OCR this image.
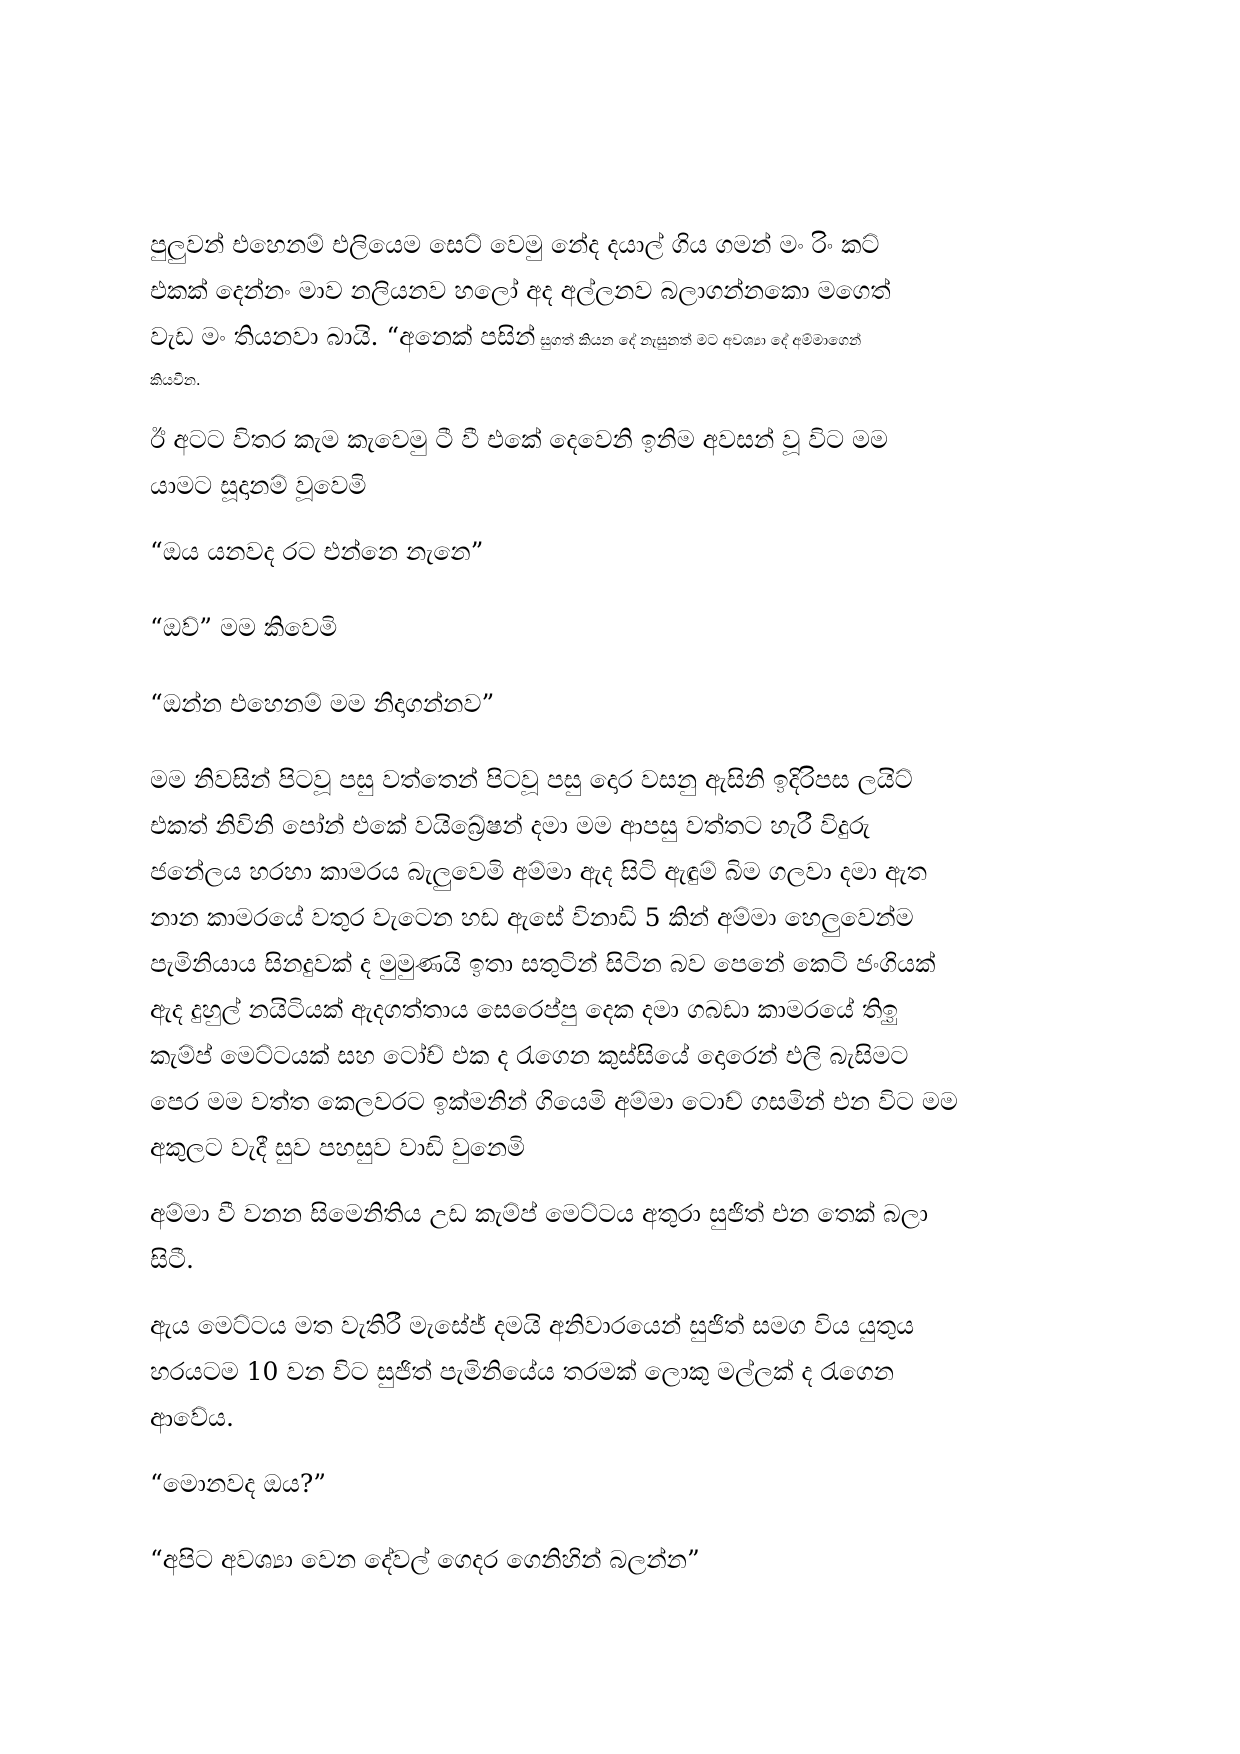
පුලුවන් එහෙනම් එලියෙම සෙට් වෙමු නේද දයාල් ගිය ගමන් මං රිං කට්
එකක් දෙන්නං මාව නලියනව හලෝ අද අල්ලනව බලාගන්නකො මගෙත්
වැඩ මං තියනවා බායි. “අනෙක් පසින් සුගත් කියන දේ නැසුනත් මට අවශ්‍යා දේ අම්මාගෙන්
කියවීන.

ඊ අටට විතර කැම කැවෙමු ටී වී එකේ දෙවෙනි ඉනිම අවසන් වූ විට මම
යාමට සූදානම් වූවෙමි

“ඔය යනවද රට එන්නෙ නැනෙ”

“ඔව්” මම කිවෙමි

“ඔන්න එහෙනම් මම නිදාගන්නව”

මම නිවසින් පිටවූ පසු වත්තෙන් පිටවූ පසු දොර වසනු ඇසිනි ඉදිරිපස ලයිට්
එකත් නිවිනි පෝන් එකේ වයිබ්‍රේෂන් දමා මම ආපසු වත්තට හැරී විදුරු
ජනේලය හරහා කාමරය බැලුවෙමි අම්මා ඇද සිටි ඇඳුම් බිම ගලවා දමා ඇත
නාන කාමරයේ වතුර වැටෙන හඩ ඇසේ විනාඩි 5 කින් අම්මා හෙලුවෙන්ම
පැමිනියාය සිනදුවක් ද මුමුණයි ඉතා සතුටින් සිටින බව පෙනේ කෙටි ජංගියක්
ඇද දුහුල් නයිටියක් ඇදගත්තාය සෙරෙප්පු දෙක දමා ගබඩා කාමරයේ තිඉු
කැම්ප් මෙට්ටයක් සහ ටෝච් එක ද රැගෙන කුස්සියේ දොරෙන් එලි බැසිමට
පෙර මම වත්ත කෙලවරට ඉක්මනින් ගියෙමි අම්මා ටොච් ගසමින් එන විට මම
අකුලට වැදී සුව පහසුව වාඩි වුනෙමි

අම්මා වී වනන සිමෙනිතිය උඩ කැම්ප් මෙට්ටය අතුරා සුජිත් එන තෙක් බලා
සිටී.

ඇය මෙට්ටය මත වැතිරී මැසේජ් දමයි අනිවාරයෙන් සුජිත් සමග විය යුතුය
හරයටම 10 වන විට සුජිත් පැමිනියේය තරමක් ලොකු මල්ලක් ද රැගෙන
ආවේය.

“මොනවද ඔය?”

“අපිට අවශ්‍යා වෙන දේවල් ගෙදර ගෙනිහින් බලන්න”
